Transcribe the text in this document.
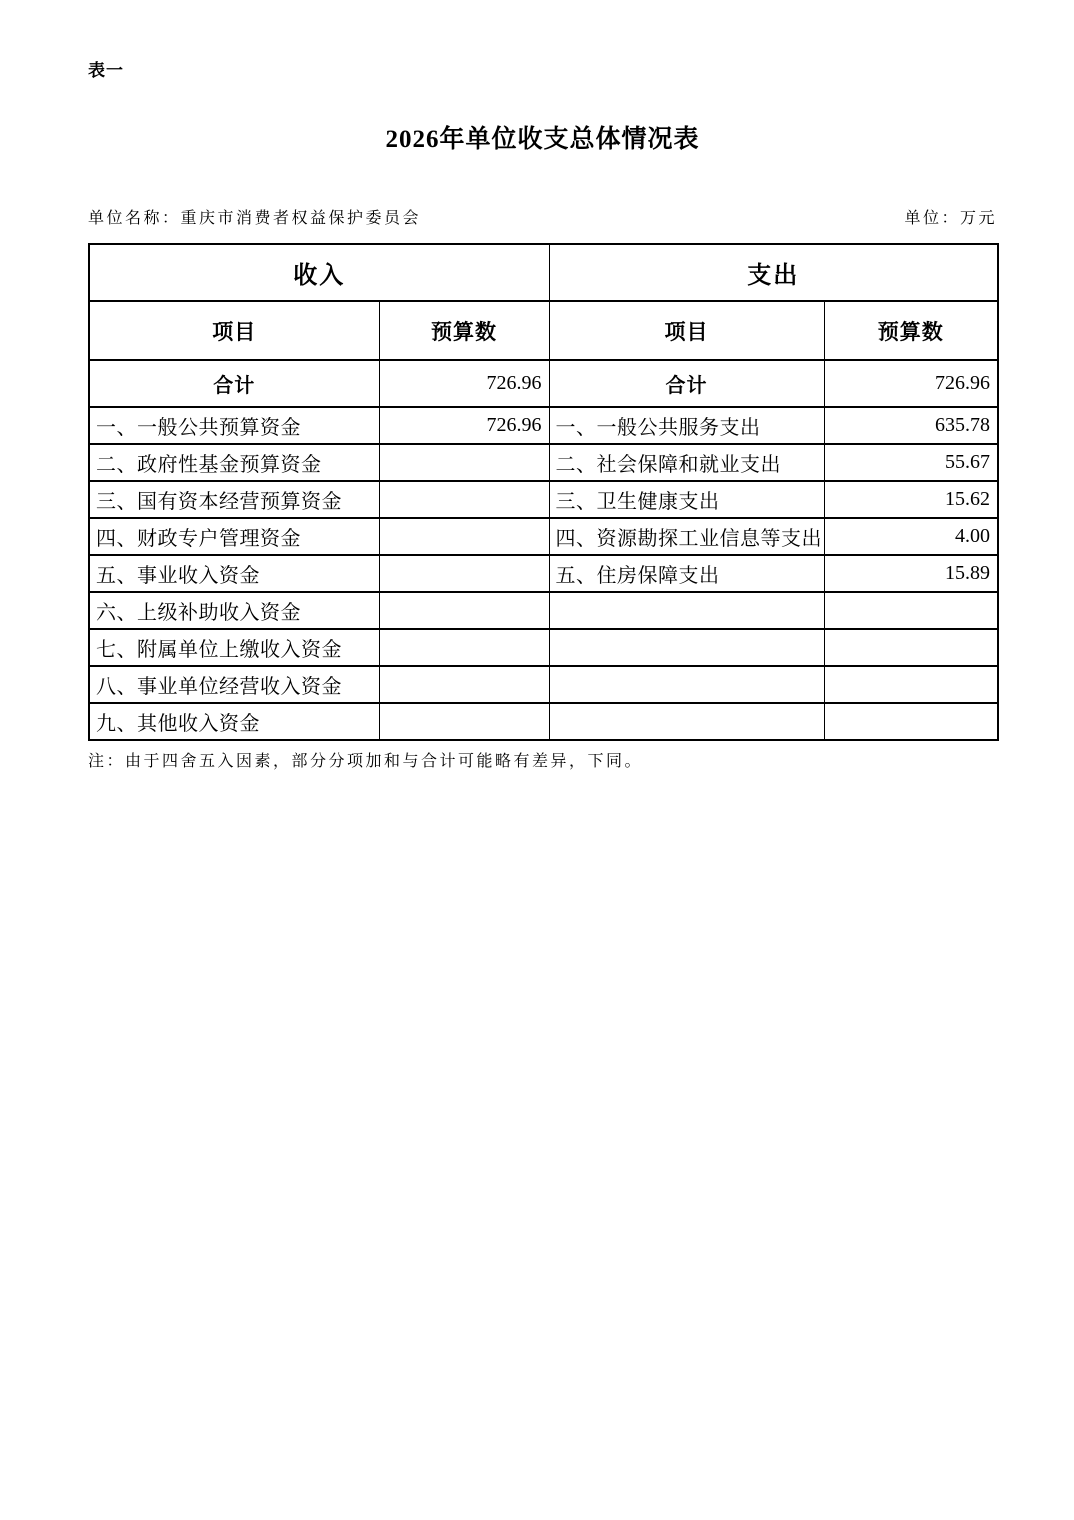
表一
2026年单位收支总体情况表
单位名称：重庆市消费者权益保护委员会	单位：万元
收入		支出	
项目	预算数	项目	预算数
合计	726.96	合计	726.96
一、一般公共预算资金	726.96	一、一般公共服务支出	635.78
二、政府性基金预算资金		二、社会保障和就业支出	55.67
三、国有资本经营预算资金		三、卫生健康支出	15.62
四、财政专户管理资金		四、资源勘探工业信息等支出	4.00
五、事业收入资金		五、住房保障支出	15.89
六、上级补助收入资金			
七、附属单位上缴收入资金			
八、事业单位经营收入资金			
九、其他收入资金			
注：由于四舍五入因素，部分分项加和与合计可能略有差异，下同。
